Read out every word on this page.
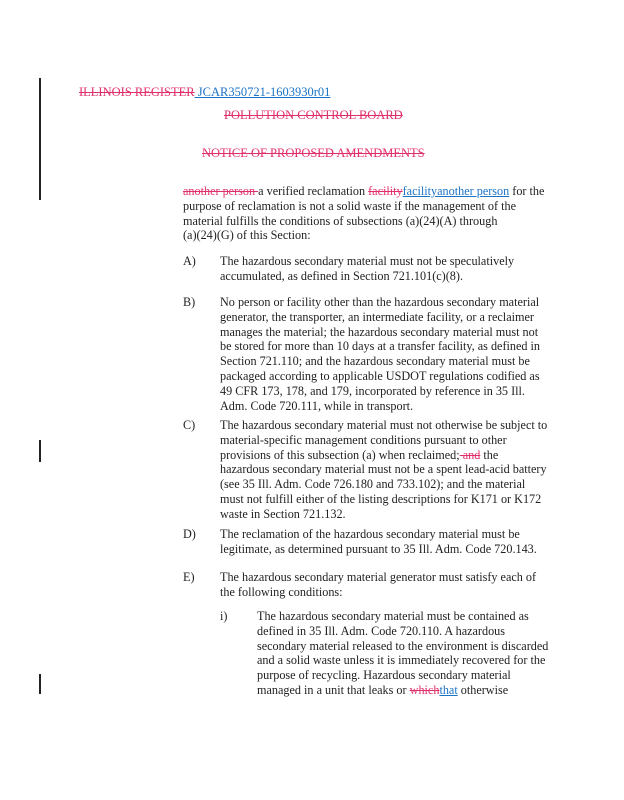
ILLINOIS REGISTER JCAR350721-1603930r01
POLLUTION CONTROL BOARD
NOTICE OF PROPOSED AMENDMENTS
another person a verified reclamation facilityfacilityanother person for the
purpose of reclamation is not a solid waste if the management of the
material fulfills the conditions of subsections (a)(24)(A) through
(a)(24)(G) of this Section:
A) The hazardous secondary material must not be speculatively
accumulated, as defined in Section 721.101(c)(8).
B) No person or facility other than the hazardous secondary material
generator, the transporter, an intermediate facility, or a reclaimer
manages the material; the hazardous secondary material must not
be stored for more than 10 days at a transfer facility, as defined in
Section 721.110; and the hazardous secondary material must be
packaged according to applicable USDOT regulations codified as
49 CFR 173, 178, and 179, incorporated by reference in 35 Ill.
Adm. Code 720.111, while in transport.
C) The hazardous secondary material must not otherwise be subject to
material-specific management conditions pursuant to other
provisions of this subsection (a) when reclaimed; and the
hazardous secondary material must not be a spent lead-acid battery
(see 35 Ill. Adm. Code 726.180 and 733.102); and the material
must not fulfill either of the listing descriptions for K171 or K172
waste in Section 721.132.
D) The reclamation of the hazardous secondary material must be
legitimate, as determined pursuant to 35 Ill. Adm. Code 720.143.
E) The hazardous secondary material generator must satisfy each of
the following conditions:
i) The hazardous secondary material must be contained as
defined in 35 Ill. Adm. Code 720.110. A hazardous
secondary material released to the environment is discarded
and a solid waste unless it is immediately recovered for the
purpose of recycling. Hazardous secondary material
managed in a unit that leaks or whichthat otherwise
